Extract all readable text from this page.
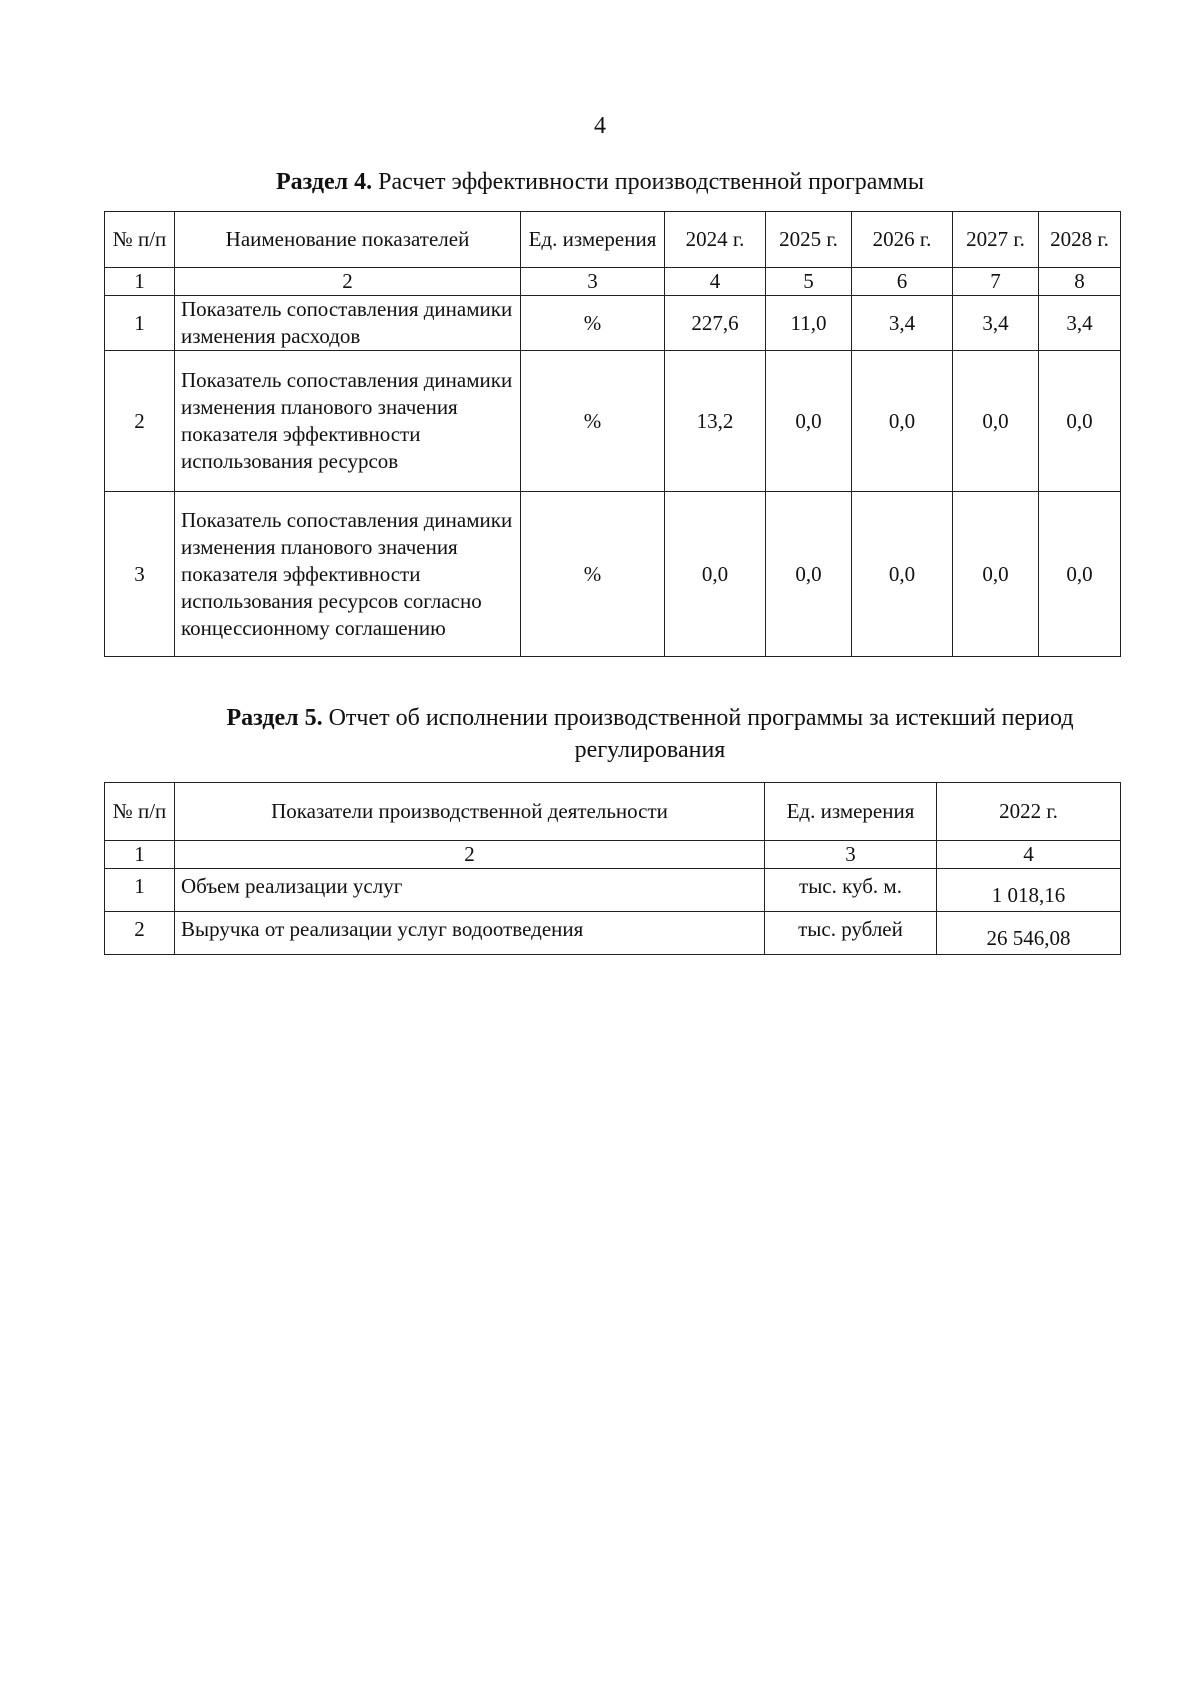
4
Раздел 4. Расчет эффективности производственной программы
№ п/п	Наименование показателей	Ед. измерения	2024 г.	2025 г.	2026 г.	2027 г.	2028 г.
1	2	3	4	5	6	7	8
1	Показатель сопоставления динамики изменения расходов	%	227,6	11,0	3,4	3,4	3,4
2	Показатель сопоставления динамики изменения планового значения показателя эффективности использования ресурсов	%	13,2	0,0	0,0	0,0	0,0
3	Показатель сопоставления динамики изменения планового значения показателя эффективности использования ресурсов согласно концессионному соглашению	%	0,0	0,0	0,0	0,0	0,0
Раздел 5. Отчет об исполнении производственной программы за истекший период регулирования
№ п/п	Показатели производственной деятельности	Ед. измерения	2022 г.
1	2	3	4
1	Объем реализации услуг	тыс. куб. м.	1 018,16
2	Выручка от реализации услуг водоотведения	тыс. рублей	26 546,08
